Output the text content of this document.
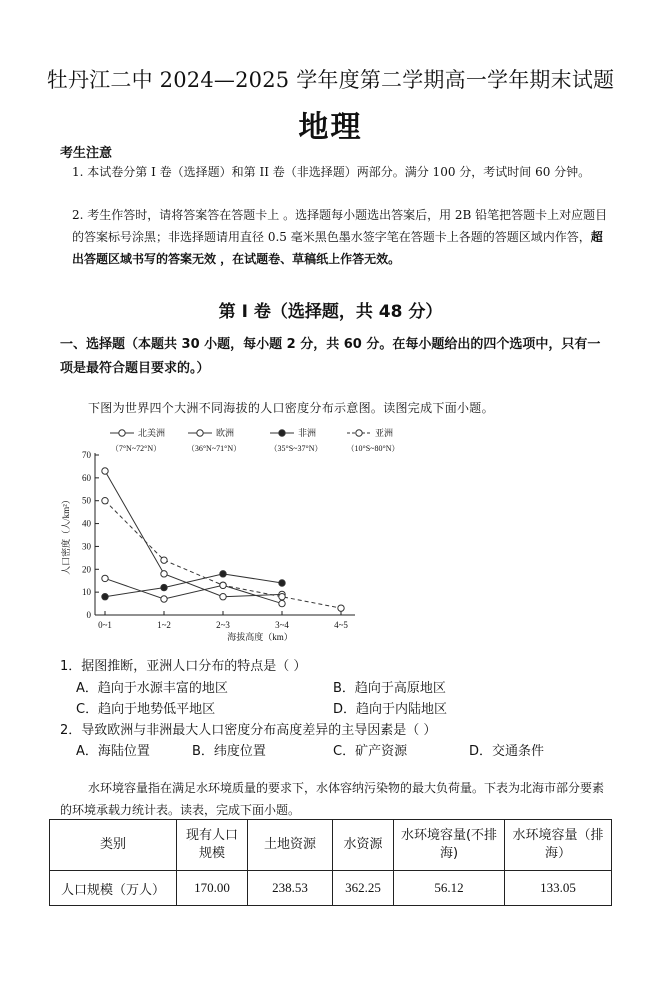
牡丹江二中 2024—2025 学年度第二学期高一学年期末试题
地理
考生注意
1. 本试卷分第 I 卷（选择题）和第 II 卷（非选择题）两部分。满分 100 分，考试时间 60 分钟。
2. 考生作答时，请将答案答在答题卡上 。选择题每小题选出答案后，用 2B 铅笔把答题卡上对应题目的答案标号涂黑；非选择题请用直径 0.5 毫米黑色墨水签字笔在答题卡上各题的答题区域内作答，超出答题区域书写的答案无效 ，在试题卷、草稿纸上作答无效。
第 I 卷（选择题，共 48 分）
一、选择题（本题共 30 小题，每小题 2 分，共 60 分。在每小题给出的四个选项中，只有一项是最符合题目要求的。）
下图为世界四个大洲不同海拔的人口密度分布示意图。读图完成下面小题。
0
10
20
30
40
50
60
70
0~1	1~2	2~3	3~4	4~5
海拔高度（km）
人口密度（人/km²）
北美洲
（7°N~72°N）
欧洲
（36°N~71°N）
非洲
（35°S~37°N）
亚洲
（10°S~80°N）
1．据图推断，亚洲人口分布的特点是（ ）
A．趋向于水源丰富的地区	B．趋向于高原地区
C．趋向于地势低平地区	D．趋向于内陆地区
2．导致欧洲与非洲最大人口密度分布高度差异的主导因素是（ ）
A．海陆位置	B．纬度位置	C．矿产资源	D．交通条件
水环境容量指在满足水环境质量的要求下，水体容纳污染物的最大负荷量。下表为北海市部分要素的环境承载力统计表。读表，完成下面小题。
类别	现有人口规模	土地资源	水资源	水环境容量(不排海)	水环境容量（排海）
人口规模（万人）	170.00	238.53	362.25	56.12	133.05
